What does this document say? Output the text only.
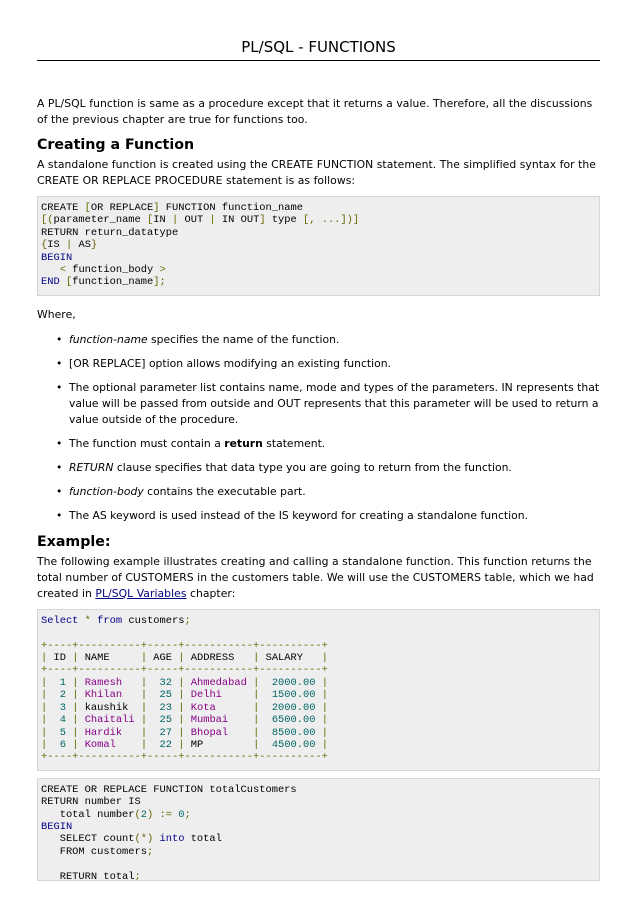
PL/SQL - FUNCTIONS

A PL/SQL function is same as a procedure except that it returns a value. Therefore, all the discussions of the previous chapter are true for functions too.

Creating a Function

A standalone function is created using the CREATE FUNCTION statement. The simplified syntax for the CREATE OR REPLACE PROCEDURE statement is as follows:

CREATE [OR REPLACE] FUNCTION function_name
[(parameter_name [IN | OUT | IN OUT] type [, ...])]
RETURN return_datatype
{IS | AS}
BEGIN
< function_body >
END [function_name];

Where,

• function-name specifies the name of the function.
• [OR REPLACE] option allows modifying an existing function.
• The optional parameter list contains name, mode and types of the parameters. IN represents that value will be passed from outside and OUT represents that this parameter will be used to return a value outside of the procedure.
• The function must contain a return statement.
• RETURN clause specifies that data type you are going to return from the function.
• function-body contains the executable part.
• The AS keyword is used instead of the IS keyword for creating a standalone function.
Example:

The following example illustrates creating and calling a standalone function. This function returns the total number of CUSTOMERS in the customers table. We will use the CUSTOMERS table, which we had created in PL/SQL Variables chapter:

Select * from customers;

+----+----------+-----+-----------+----------+
| ID | NAME     | AGE | ADDRESS   | SALARY   |
+----+----------+-----+-----------+----------+
|  1 | Ramesh   |  32 | Ahmedabad |  2000.00 |
|  2 | Khilan   |  25 | Delhi     |  1500.00 |
|  3 | kaushik  |  23 | Kota      |  2000.00 |
|  4 | Chaitali |  25 | Mumbai    |  6500.00 |
|  5 | Hardik   |  27 | Bhopal    |  8500.00 |
|  6 | Komal    |  22 | MP        |  4500.00 |
+----+----------+-----+-----------+----------+
CREATE OR REPLACE FUNCTION totalCustomers
RETURN number IS
total number(2) := 0;
BEGIN
SELECT count(*) into total
FROM customers;

RETURN total;
